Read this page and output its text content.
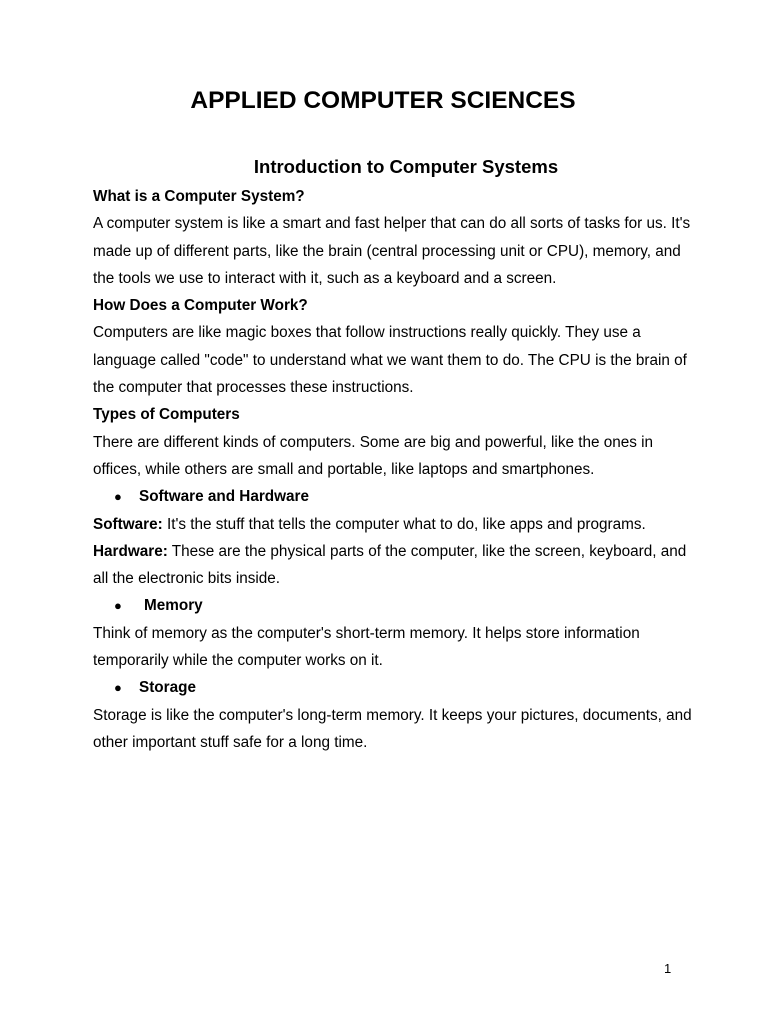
APPLIED COMPUTER SCIENCES
Introduction to Computer Systems
What is a Computer System?

A computer system is like a smart and fast helper that can do all sorts of tasks for us. It's made up of different parts, like the brain (central processing unit or CPU), memory, and the tools we use to interact with it, such as a keyboard and a screen.

How Does a Computer Work?

Computers are like magic boxes that follow instructions really quickly. They use a language called "code" to understand what we want them to do. The CPU is the brain of the computer that processes these instructions.

Types of Computers

There are different kinds of computers. Some are big and powerful, like the ones in offices, while others are small and portable, like laptops and smartphones.

●	Software and Hardware

Software: It's the stuff that tells the computer what to do, like apps and programs.

Hardware: These are the physical parts of the computer, like the screen, keyboard, and all the electronic bits inside.

●	Memory

Think of memory as the computer's short-term memory. It helps store information temporarily while the computer works on it.

●	Storage

Storage is like the computer's long-term memory. It keeps your pictures, documents, and other important stuff safe for a long time.

1
